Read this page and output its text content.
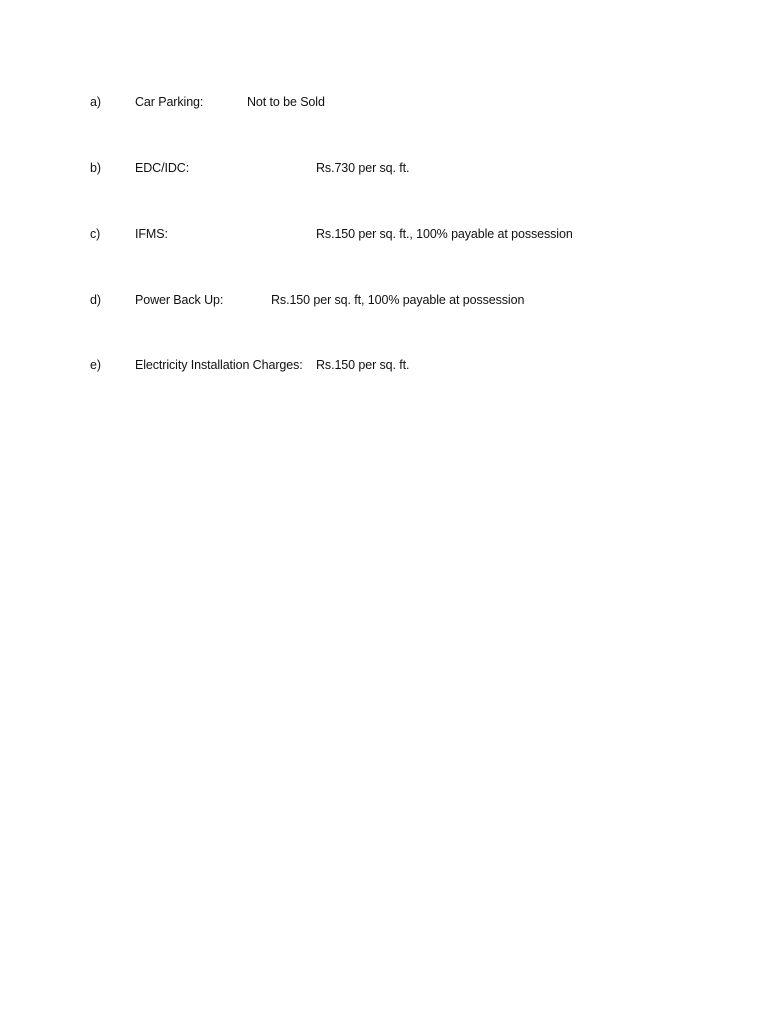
a)	Car Parking:	Not to be Sold
b)	EDC/IDC:	Rs.730 per sq. ft.
c)	IFMS:	Rs.150 per sq. ft., 100% payable at possession
d)	Power Back Up:	Rs.150 per sq. ft, 100% payable at possession
e)	Electricity Installation Charges: Rs.150 per sq. ft.
